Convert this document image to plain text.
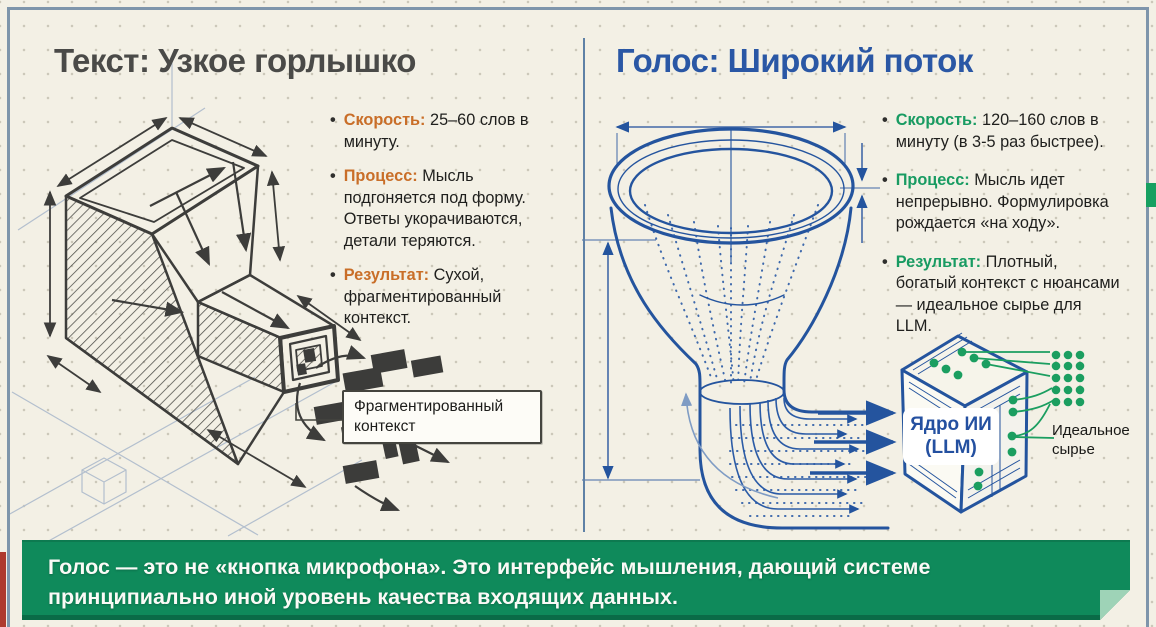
Текст: Узкое горлышко
• Скорость: 25–60 слов в минуту.

• Процесс: Мысль подгоняется под форму. Ответы укорачиваются, детали теряются.

• Результат: Сухой, фрагментированный контекст.

Фрагментированный контекст
Голос: Широкий поток
• Скорость: 120–160 слов в минуту (в 3-5 раз быстрее).

• Процесс: Мысль идет непрерывно. Формулировка рождается «на ходу».

• Результат: Плотный, богатый контекст с нюансами — идеальное сырье для LLM.

Ядро ИИ
(LLM)
Идеальное сырье
Голос — это не «кнопка микрофона». Это интерфейс мышления, дающий системе
принципиально иной уровень качества входящих данных.
